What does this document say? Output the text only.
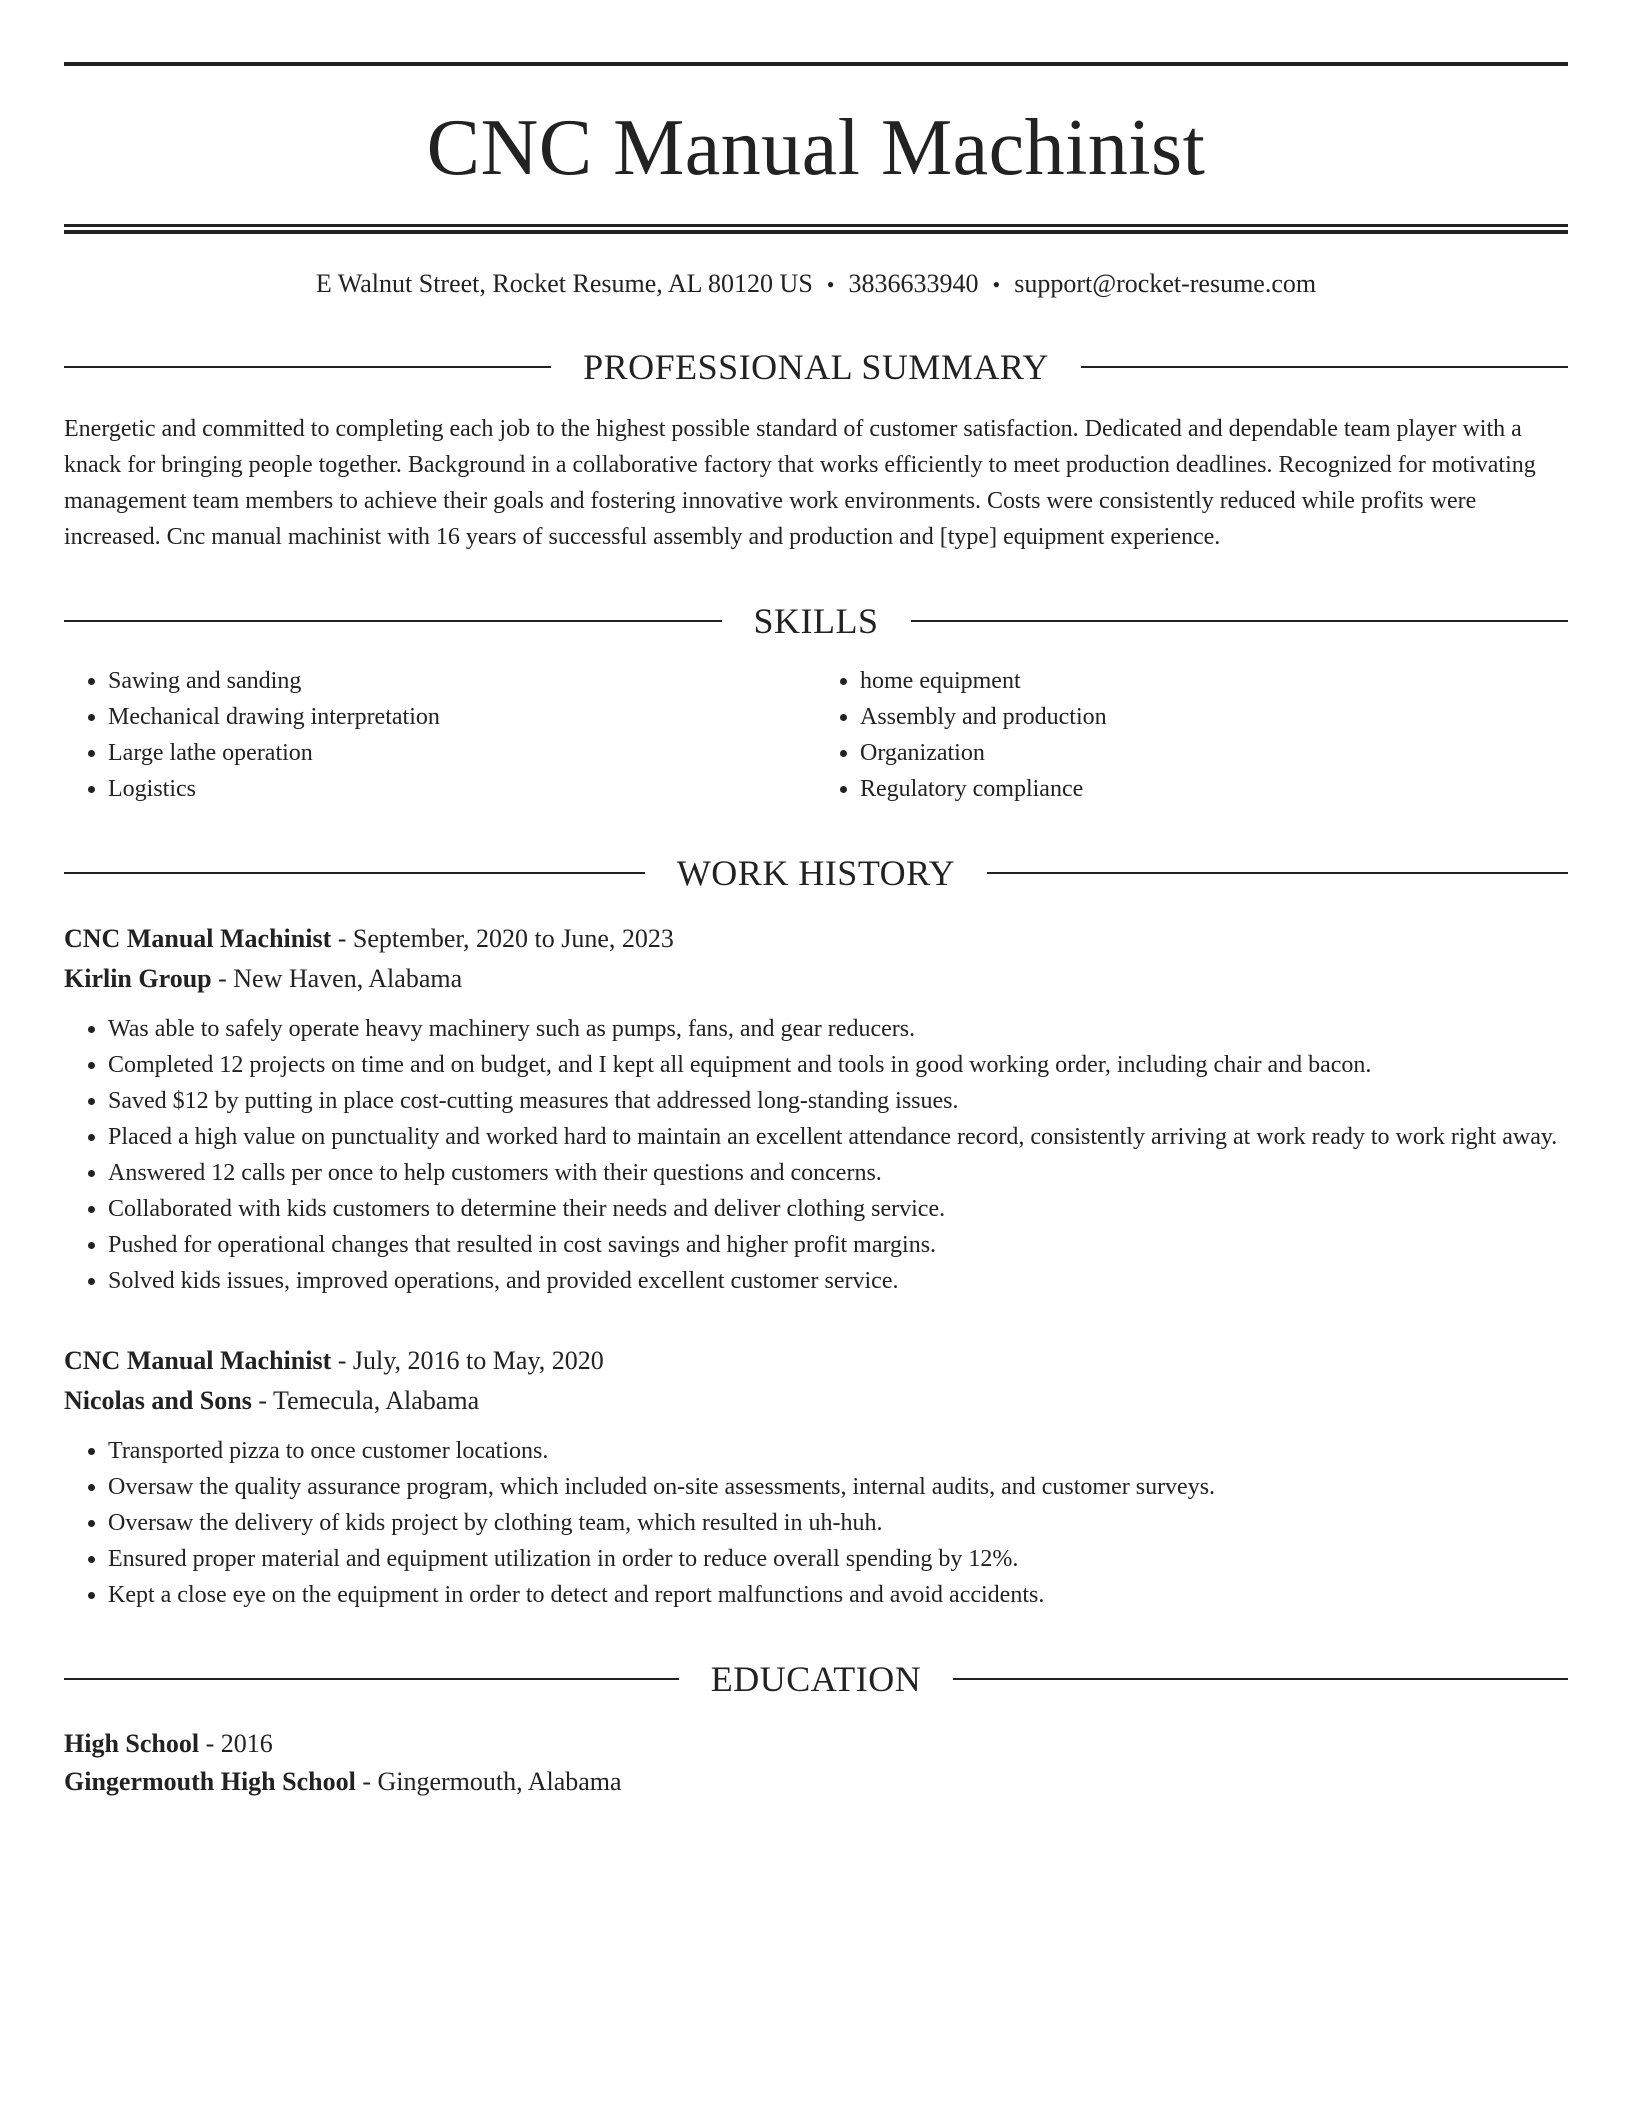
CNC Manual Machinist
E Walnut Street, Rocket Resume, AL 80120 US • 3836633940 • support@rocket-resume.com
PROFESSIONAL SUMMARY
Energetic and committed to completing each job to the highest possible standard of customer satisfaction. Dedicated and dependable team player with a knack for bringing people together. Background in a collaborative factory that works efficiently to meet production deadlines. Recognized for motivating management team members to achieve their goals and fostering innovative work environments. Costs were consistently reduced while profits were increased. Cnc manual machinist with 16 years of successful assembly and production and [type] equipment experience.
SKILLS
• Sawing and sanding
• Mechanical drawing interpretation
• Large lathe operation
• Logistics
• home equipment
• Assembly and production
• Organization
• Regulatory compliance
WORK HISTORY
CNC Manual Machinist - September, 2020 to June, 2023
Kirlin Group - New Haven, Alabama
• Was able to safely operate heavy machinery such as pumps, fans, and gear reducers.
• Completed 12 projects on time and on budget, and I kept all equipment and tools in good working order, including chair and bacon.
• Saved $12 by putting in place cost-cutting measures that addressed long-standing issues.
• Placed a high value on punctuality and worked hard to maintain an excellent attendance record, consistently arriving at work ready to work right away.
• Answered 12 calls per once to help customers with their questions and concerns.
• Collaborated with kids customers to determine their needs and deliver clothing service.
• Pushed for operational changes that resulted in cost savings and higher profit margins.
• Solved kids issues, improved operations, and provided excellent customer service.
CNC Manual Machinist - July, 2016 to May, 2020
Nicolas and Sons - Temecula, Alabama
• Transported pizza to once customer locations.
• Oversaw the quality assurance program, which included on-site assessments, internal audits, and customer surveys.
• Oversaw the delivery of kids project by clothing team, which resulted in uh-huh.
• Ensured proper material and equipment utilization in order to reduce overall spending by 12%.
• Kept a close eye on the equipment in order to detect and report malfunctions and avoid accidents.
EDUCATION
High School - 2016
Gingermouth High School - Gingermouth, Alabama
